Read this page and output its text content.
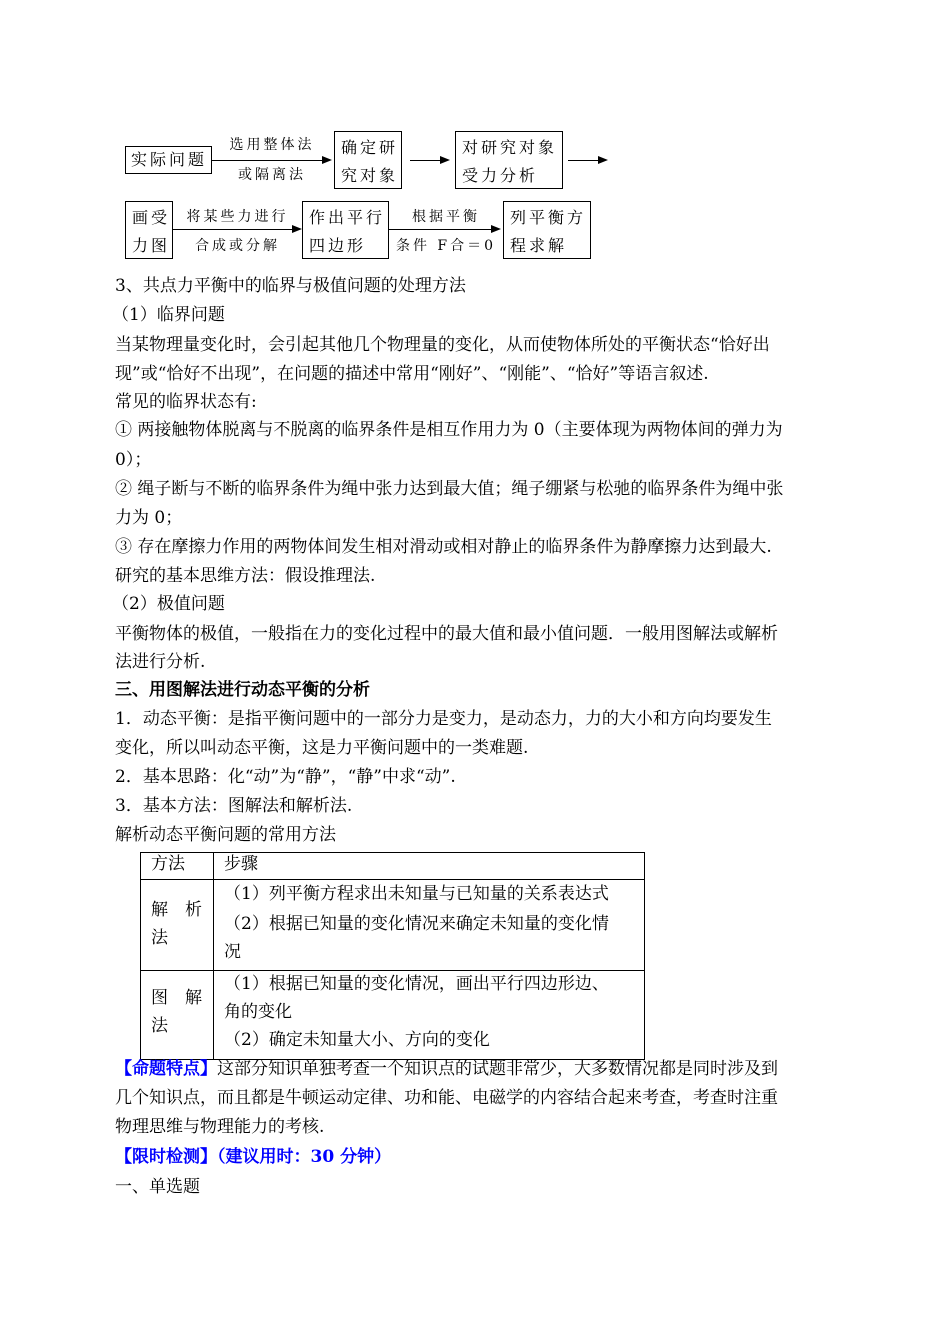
实际问题
选用整体法
或隔离法
确定研
究对象
对研究对象
受力分析
画受
力图
将某些力进行
合成或分解
作出平行
四边形
根据平衡
条件 F合＝0
列平衡方
程求解
3、共点力平衡中的临界与极值问题的处理方法
（1）临界问题
当某物理量变化时，会引起其他几个物理量的变化，从而使物体所处的平衡状态“恰好出
现”或“恰好不出现”，在问题的描述中常用“刚好”、“刚能”、“恰好”等语言叙述.
常见的临界状态有:
① 两接触物体脱离与不脱离的临界条件是相互作用力为 0（主要体现为两物体间的弹力为
0）；
② 绳子断与不断的临界条件为绳中张力达到最大值；绳子绷紧与松驰的临界条件为绳中张
力为 0；
③ 存在摩擦力作用的两物体间发生相对滑动或相对静止的临界条件为静摩擦力达到最大.
研究的基本思维方法：假设推理法.
（2）极值问题
平衡物体的极值，一般指在力的变化过程中的最大值和最小值问题．一般用图解法或解析
法进行分析.
三、用图解法进行动态平衡的分析
1．动态平衡：是指平衡问题中的一部分力是变力，是动态力，力的大小和方向均要发生
变化，所以叫动态平衡，这是力平衡问题中的一类难题.
2．基本思路：化“动”为“静”，“静”中求“动”.
3．基本方法：图解法和解析法.
解析动态平衡问题的常用方法
方法 步骤
解　析
法
（1）列平衡方程求出未知量与已知量的关系表达式
（2）根据已知量的变化情况来确定未知量的变化情
况
图　解
法
（1）根据已知量的变化情况，画出平行四边形边、
角的变化
（2）确定未知量大小、方向的变化
【命题特点】这部分知识单独考查一个知识点的试题非常少，大多数情况都是同时涉及到
几个知识点，而且都是牛顿运动定律、功和能、电磁学的内容结合起来考查，考查时注重
物理思维与物理能力的考核.
【限时检测】（建议用时：30 分钟）
一、单选题
